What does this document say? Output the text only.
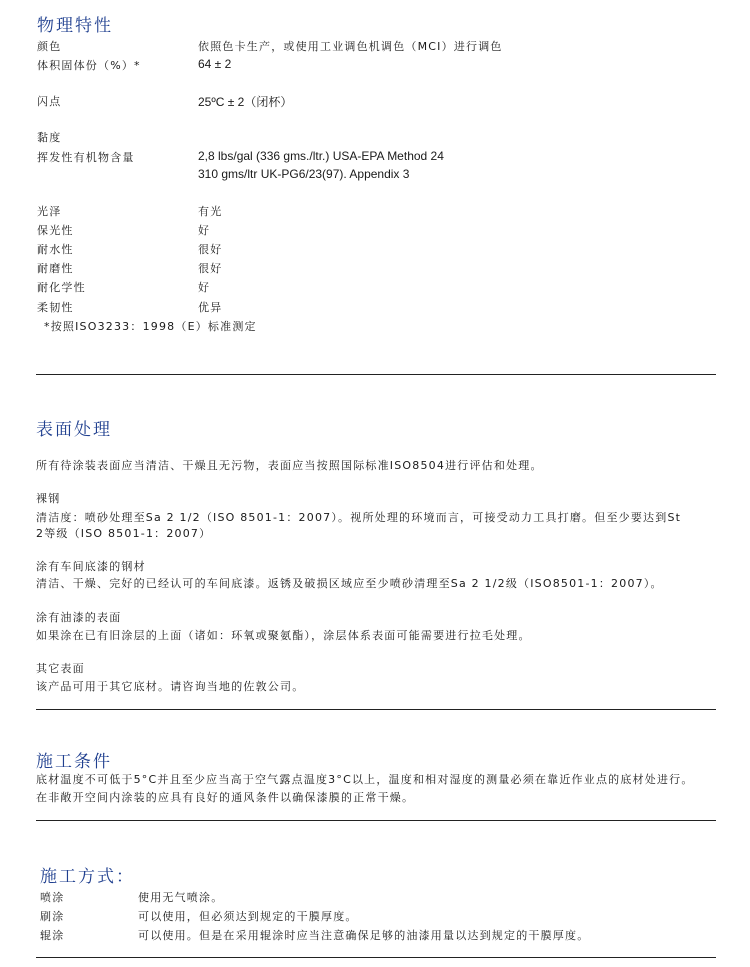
物理特性
颜色	依照色卡生产，或使用工业调色机调色（MCI）进行调色
体积固体份（%）*	64 ± 2
闪点	25ºC ± 2（闭杯）
黏度
挥发性有机物含量	2,8 lbs/gal (336 gms./ltr.) USA-EPA Method 24
310 gms/ltr UK-PG6/23(97). Appendix 3
光泽	有光
保光性	好
耐水性	很好
耐磨性	很好
耐化学性	好
柔韧性	优异
*按照ISO3233：1998（E）标准测定
表面处理
所有待涂装表面应当清洁、干燥且无污物，表面应当按照国际标准ISO8504进行评估和处理。
裸钢
清洁度：喷砂处理至Sa 2 1/2（ISO 8501-1：2007）。视所处理的环境而言，可接受动力工具打磨。但至少要达到St
2等级（ISO 8501-1：2007）
涂有车间底漆的钢材
清洁、干燥、完好的已经认可的车间底漆。返锈及破损区域应至少喷砂清理至Sa 2 1/2级（ISO8501-1：2007）。
涂有油漆的表面
如果涂在已有旧涂层的上面（诸如：环氧或聚氨酯），涂层体系表面可能需要进行拉毛处理。
其它表面
该产品可用于其它底材。请咨询当地的佐敦公司。
施工条件
底材温度不可低于5°C并且至少应当高于空气露点温度3°C以上，温度和相对湿度的测量必须在靠近作业点的底材处进行。
在非敞开空间内涂装的应具有良好的通风条件以确保漆膜的正常干燥。
施工方式：
喷涂	使用无气喷涂。
刷涂	可以使用，但必须达到规定的干膜厚度。
辊涂	可以使用。但是在采用辊涂时应当注意确保足够的油漆用量以达到规定的干膜厚度。
